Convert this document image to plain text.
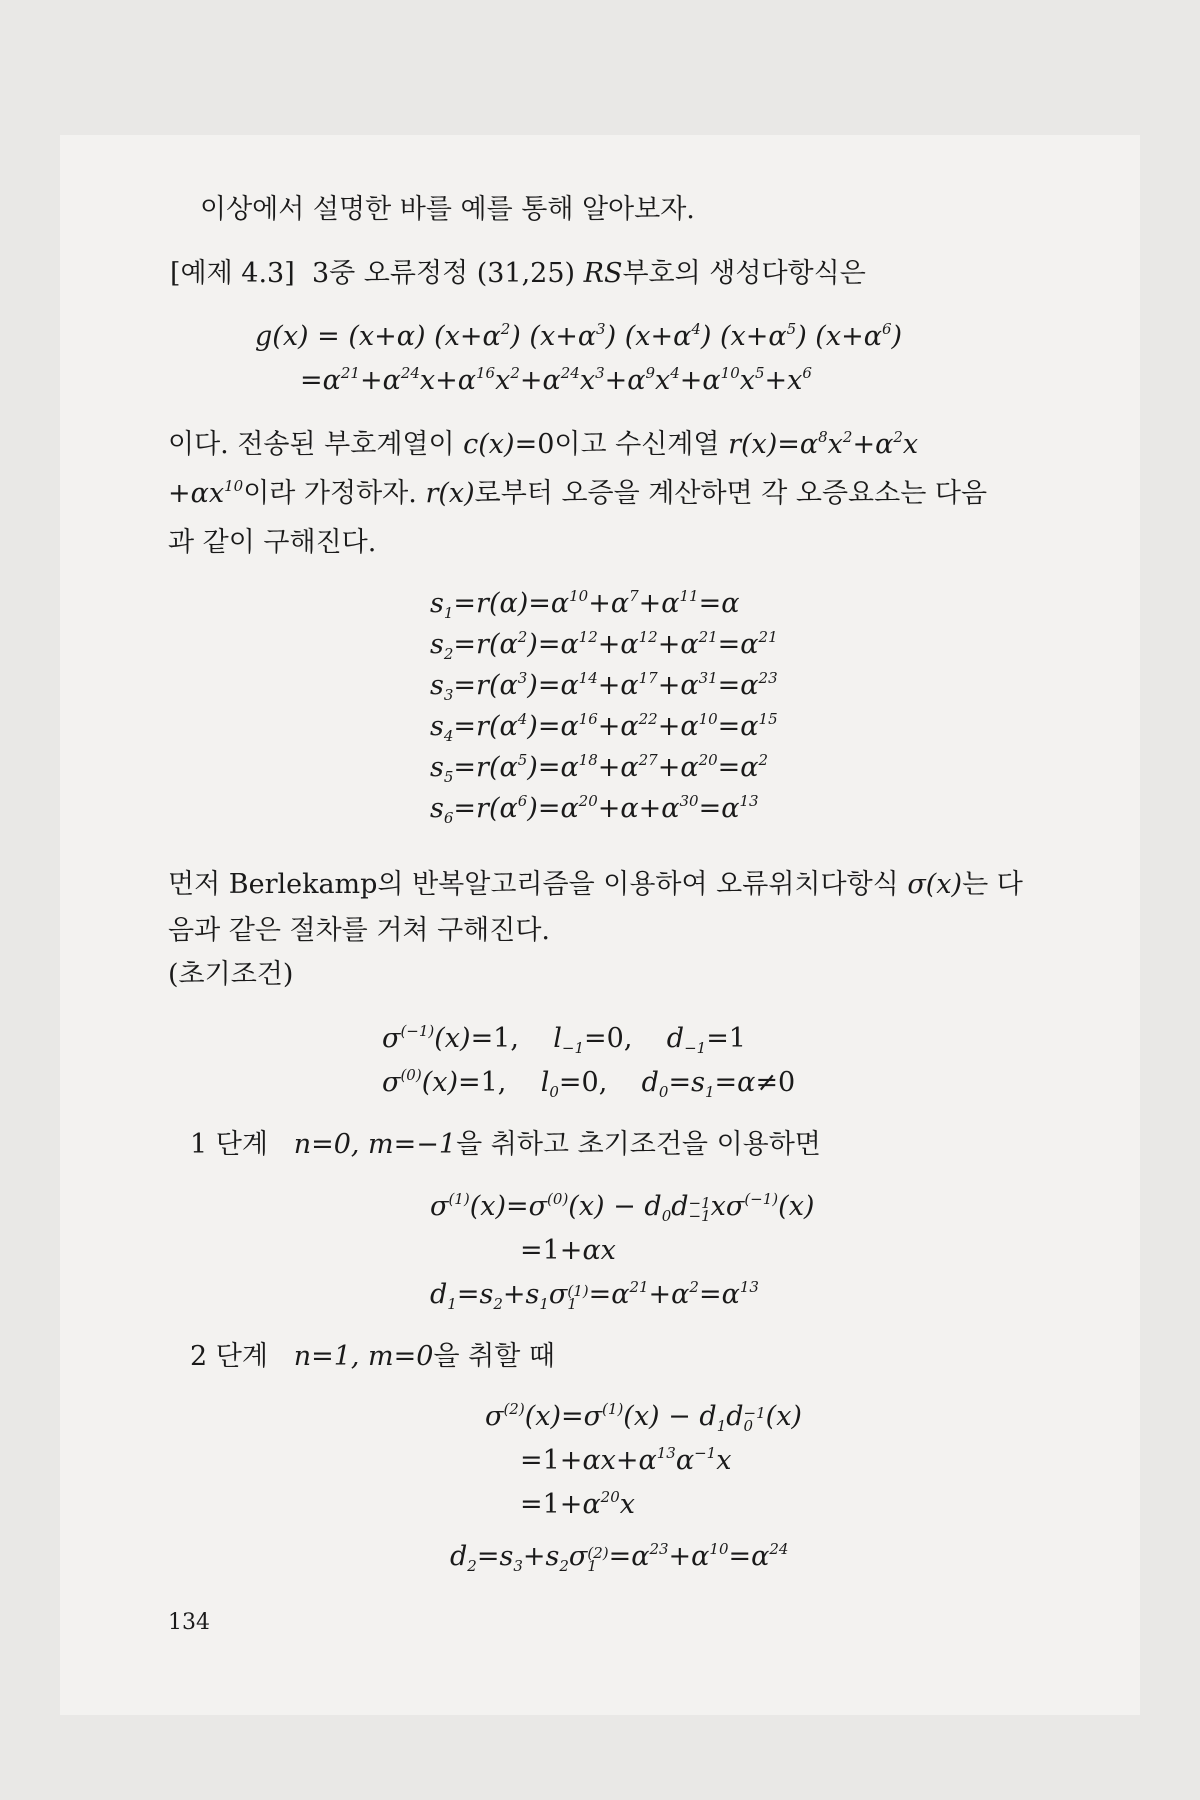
이상에서 설명한 바를 예를 통해 알아보자.
[예제 4.3] 3중 오류정정 (31,25) RS부호의 생성다항식은
g(x) = (x+α) $(x+\alpha^2)$ $(x+\alpha^3)$ $(x+\alpha^4)$ $(x+\alpha^5)$ $(x+\alpha^6)$
$=\alpha^{21}+\alpha^{24}x+\alpha^{16}x^2+\alpha^{24}x^3+\alpha^9x^4+\alpha^{10}x^5+x^6$
이다. 전송된 부호계열이 c(x)=0이고 수신계열 $r(x)=\alpha^8x^2+\alpha^2x$
$+\alpha x^{10}$이라 가정하자. r(x)로부터 오증을 계산하면 각 오증요소는 다음
과 같이 구해진다.
$s_1=r(\alpha)=\alpha^{10}+\alpha^7+\alpha^{11}=\alpha$
$s_2=r(\alpha^2)=\alpha^{12}+\alpha^{12}+\alpha^{21}=\alpha^{21}$
$s_3=r(\alpha^3)=\alpha^{14}+\alpha^{17}+\alpha^{31}=\alpha^{23}$
$s_4=r(\alpha^4)=\alpha^{16}+\alpha^{22}+\alpha^{10}=\alpha^{15}$
$s_5=r(\alpha^5)=\alpha^{18}+\alpha^{27}+\alpha^{20}=\alpha^2$
$s_6=r(\alpha^6)=\alpha^{20}+\alpha+\alpha^{30}=\alpha^{13}$
먼저 Berlekamp의 반복알고리즘을 이용하여 오류위치다항식 σ(x)는 다
음과 같은 절차를 거쳐 구해진다.
(초기조건)
$\sigma^{(-1)}(x)=1$,    $l_{-1}=0$,    $d_{-1}=1$
$\sigma^{(0)}(x)=1$,    $l_0=0$,    $d_0=s_1=\alpha\ne 0$
1 단계 n=0, m=−1을 취하고 초기조건을 이용하면
$\sigma^{(1)}(x)=\sigma^{(0)}(x) - d_0d -1$
−1 $x\sigma^{(-1)}(x)$
=1+αx
$d_1=s_2+s_1\sigma$ (1)
$1 =\alpha^{21}+\alpha^2=\alpha^{13}$
2 단계 n=1, m=0을 취할 때
$\sigma^{(2)}(x)=\sigma^{(1)}(x) - d_1d -1$
0 (x)
$=1+\alpha x+\alpha^{13}\alpha^{-1}x$
$=1+\alpha^{20}x$
$d_2=s_3+s_2\sigma$ (2)
$1 =\alpha^{23}+\alpha^{10}=\alpha^{24}$
134
